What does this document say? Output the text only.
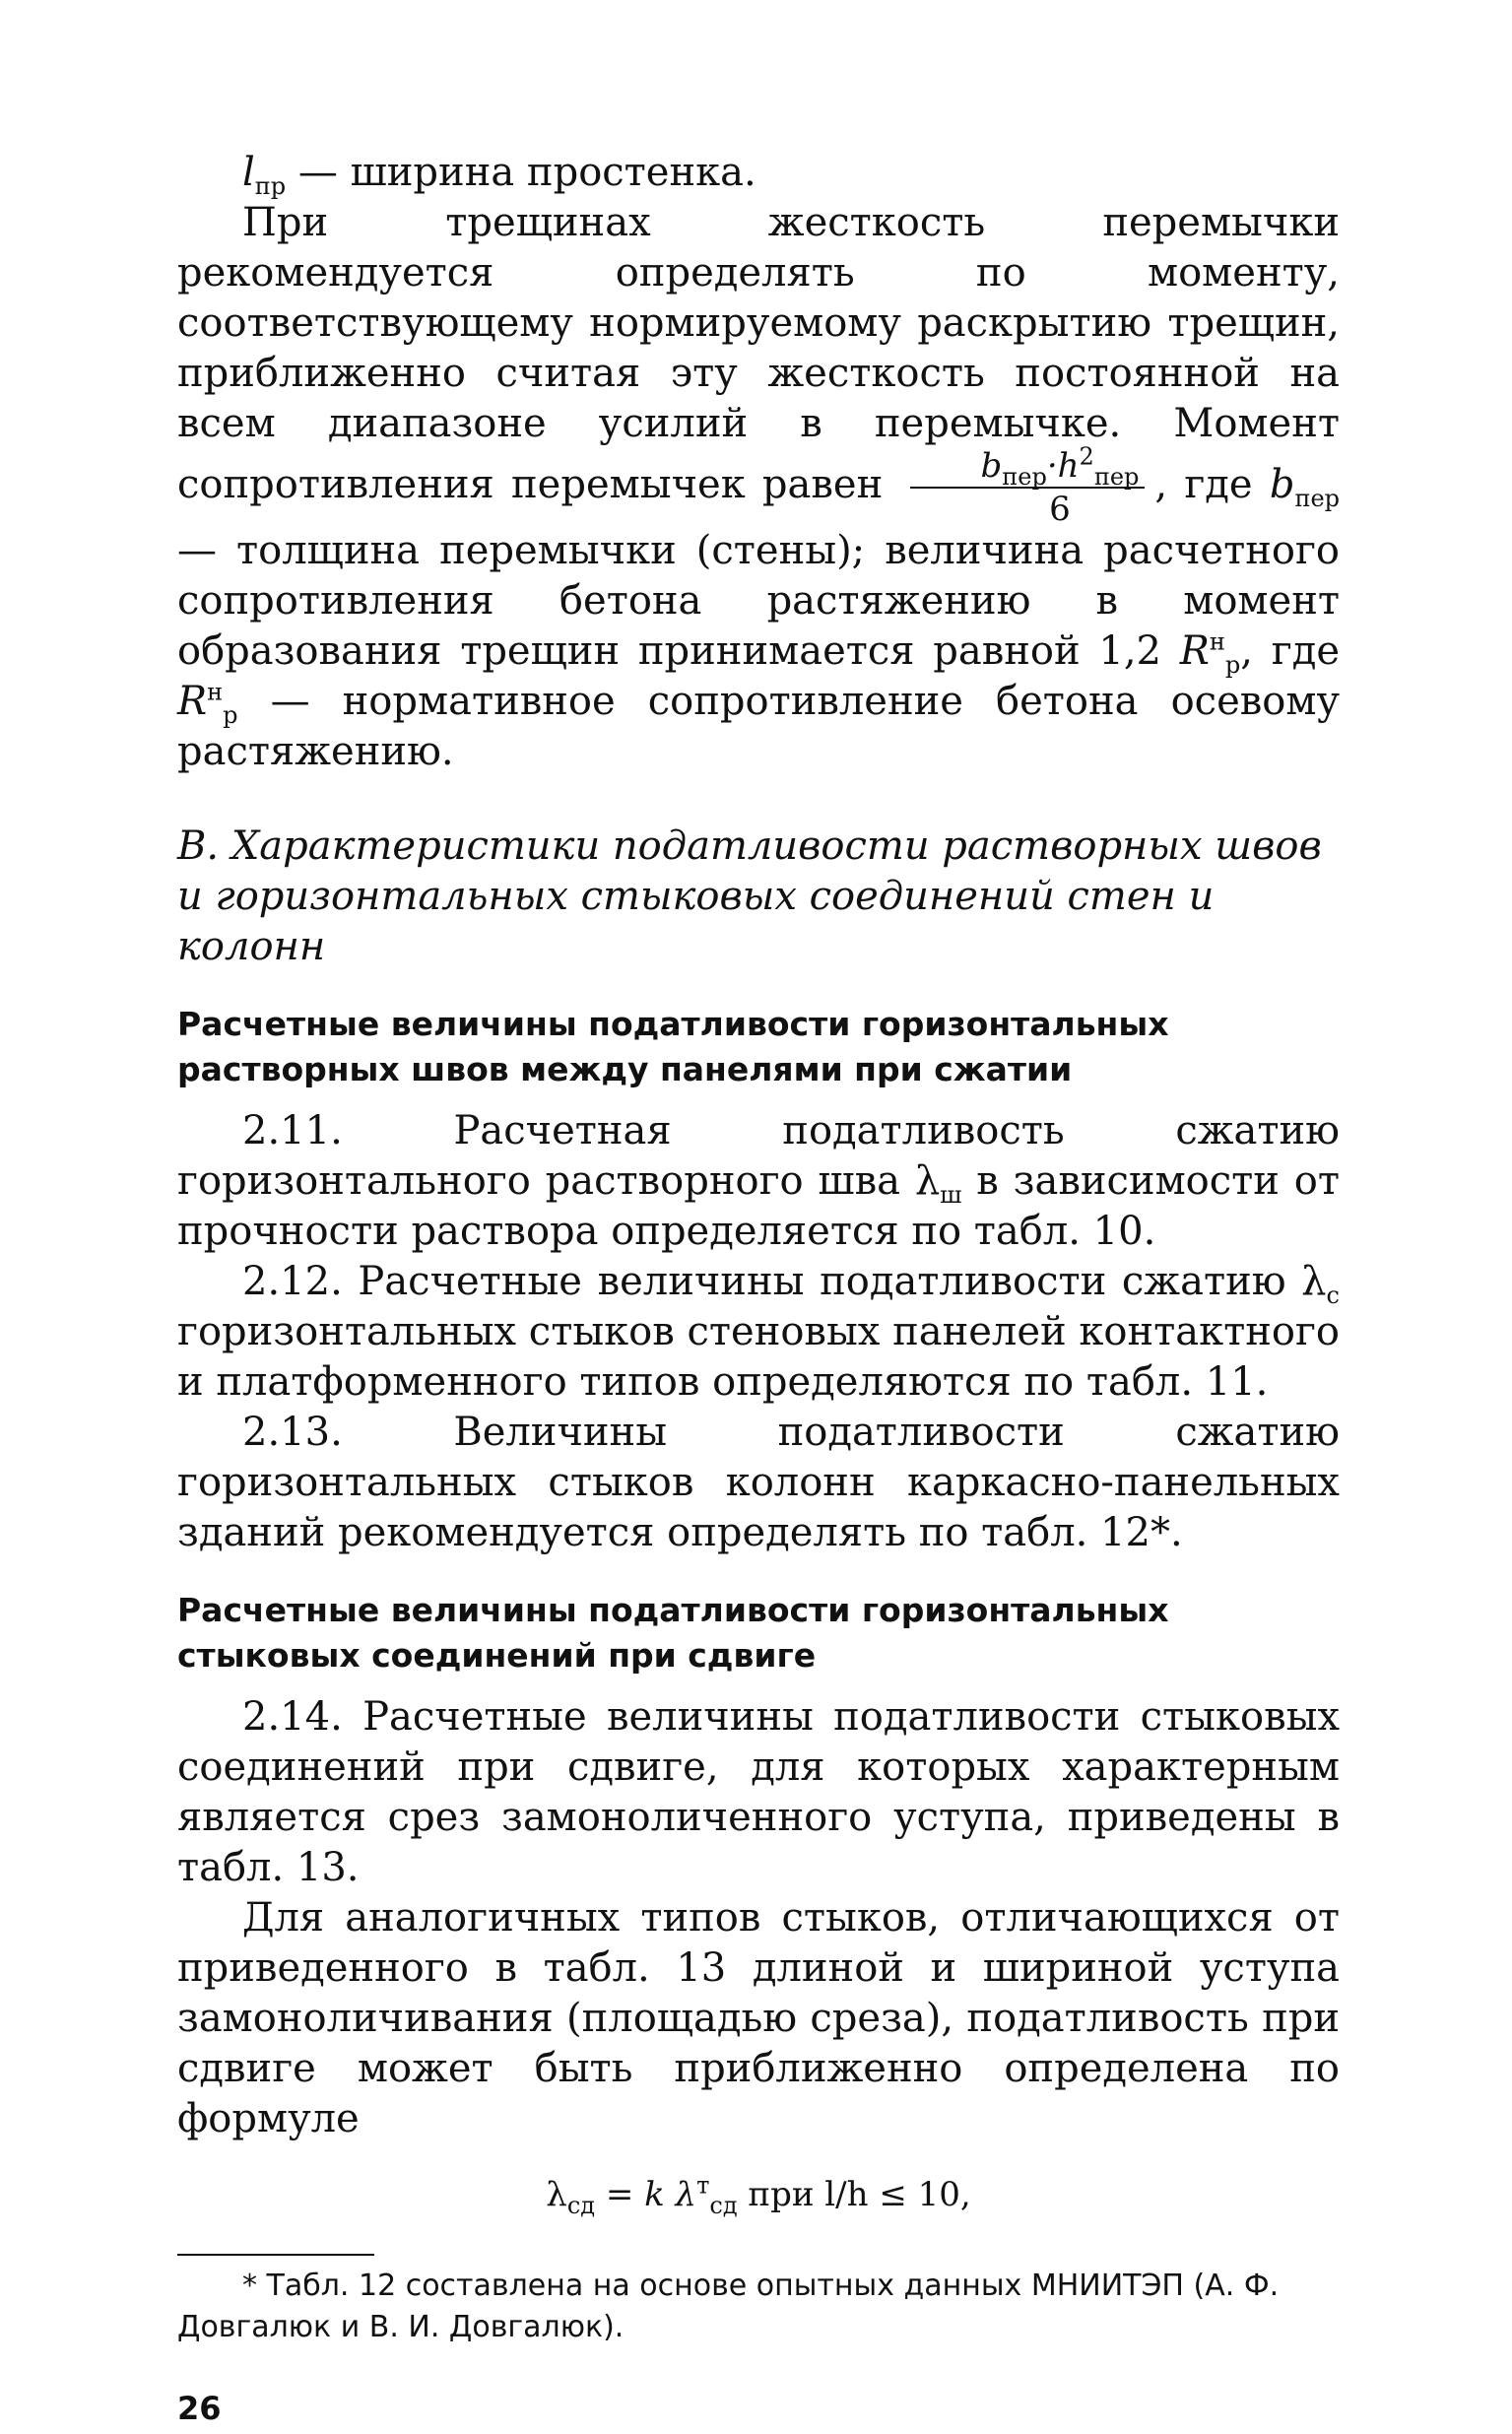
$l_{пр}$ — ширина простенка.

При трещинах жесткость перемычки рекомендуется определять по моменту, соответствующему нормируемому раскрытию трещин, приближенно считая эту жесткость постоянной на всем диапазоне усилий в перемычке. Момент сопротивления перемычек равен $\frac{b_{пер}\cdot h^2_{пер}}{6}$ , где $b_{пер}$ — толщина перемычки (стены); величина расчетного сопротивления бетона растяжению в момент образования трещин принимается равной 1,2 $R^н_р$, где $R^н_р$ — нормативное сопротивление бетона осевому растяжению.

В. Характеристики податливости растворных швов и горизонтальных стыковых соединений стен и колонн
Расчетные величины податливости горизонтальных растворных швов между панелями при сжатии

2.11. Расчетная податливость сжатию горизонтального растворного шва $\lambda_ш$ в зависимости от прочности раствора определяется по табл. 10.

2.12. Расчетные величины податливости сжатию $\lambda_с$ горизонтальных стыков стеновых панелей контактного и платформенного типов определяются по табл. 11.

2.13. Величины податливости сжатию горизонтальных стыков колонн каркасно-панельных зданий рекомендуется определять по табл. 12*.

Расчетные величины податливости горизонтальных стыковых соединений при сдвиге

2.14. Расчетные величины податливости стыковых соединений при сдвиге, для которых характерным является срез замоноличенного уступа, приведены в табл. 13.

Для аналогичных типов стыков, отличающихся от приведенного в табл. 13 длиной и шириной уступа замоноличивания (площадью среза), податливость при сдвиге может быть приближенно определена по формуле

$\lambda_{сд} = k$ $\lambda^т_{сд}$ при l/h ≤ 10,
* Табл. 12 составлена на основе опытных данных МНИИТЭП (А. Ф. Довгалюк и В. И. Довгалюк).
26
